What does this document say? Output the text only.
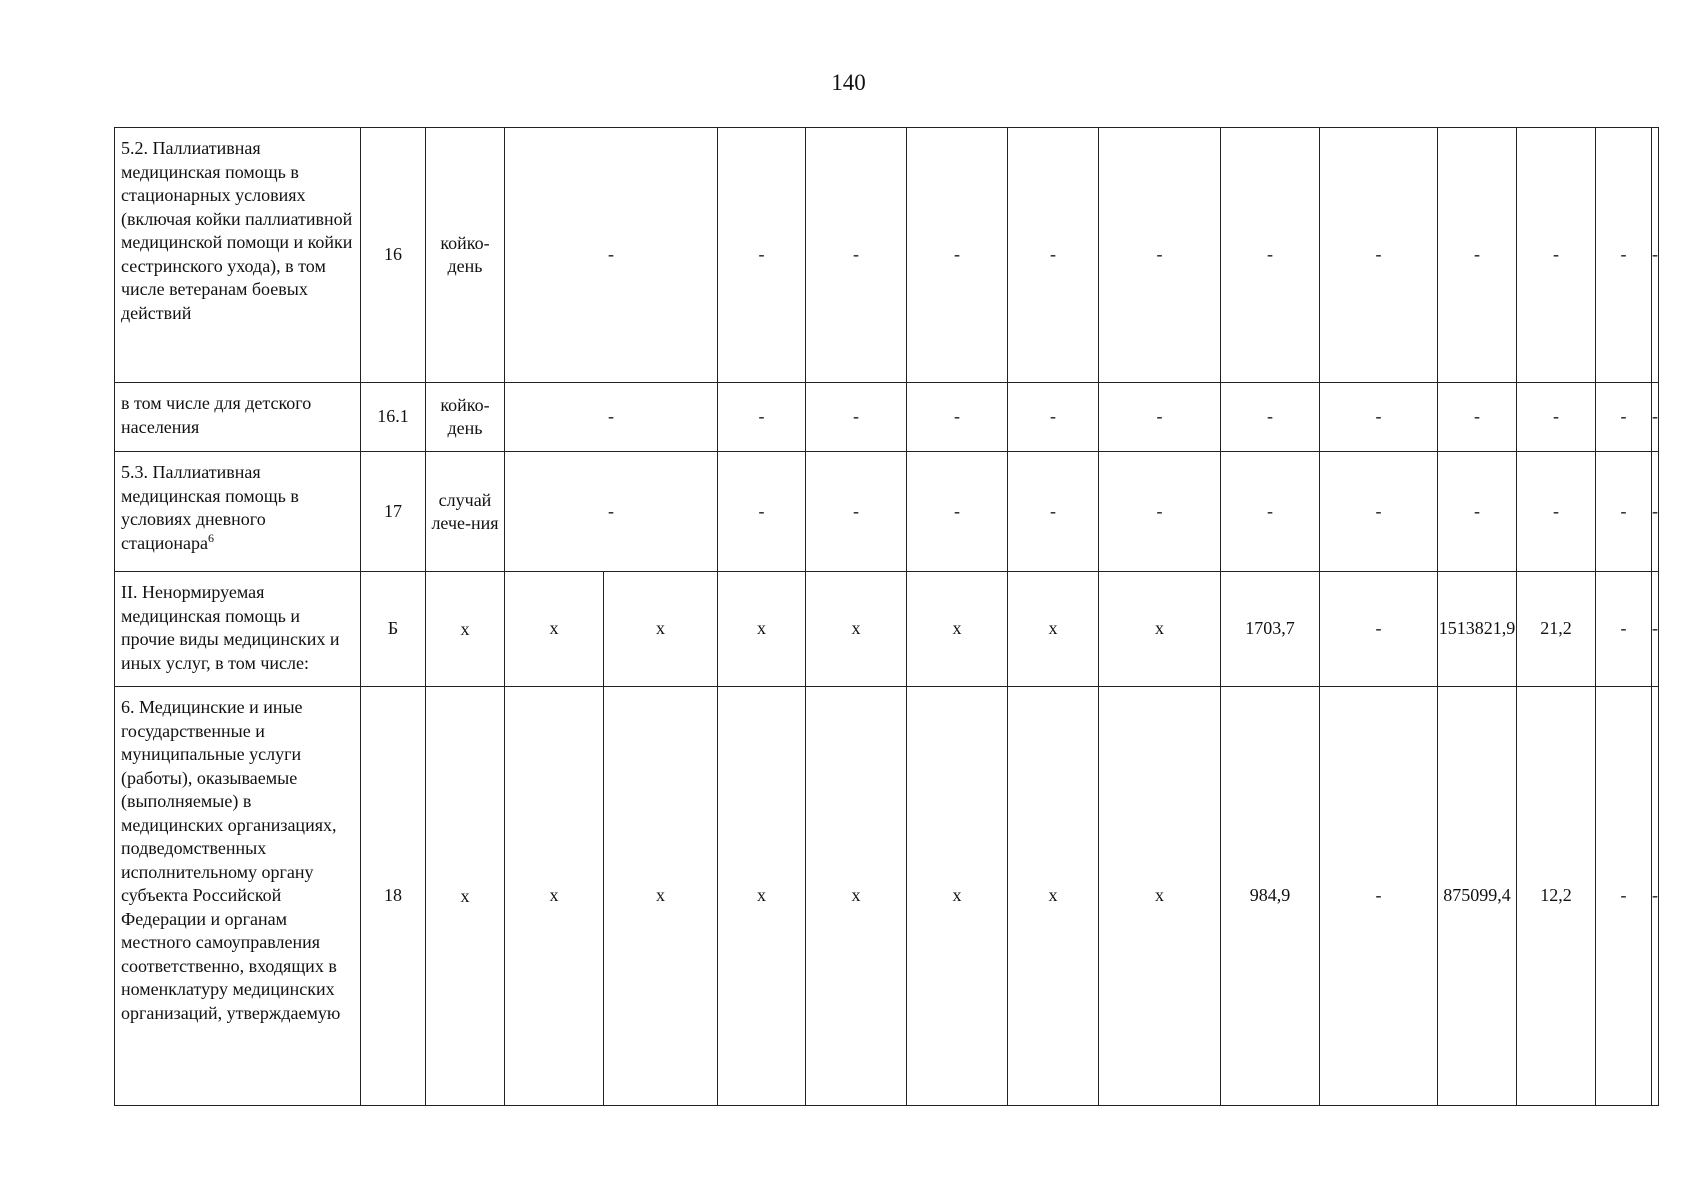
140
5.2. Паллиативная медицинская помощь в стационарных условиях (включая койки паллиативной медицинской помощи и койки сестринского ухода), в том числе ветеранам боевых действий	16	койко-день	-		-	-	-	-	-	-	-	-	-	-	-
в том числе для детского населения	16.1	койко-день	-		-	-	-	-	-	-	-	-	-	-	-
5.3. Паллиативная медицинская помощь в условиях дневного стационара$^6$	17	случай лече-ния	-		-	-	-	-	-	-	-	-	-	-	-
II. Ненормируемая медицинская помощь и прочие виды медицинских и иных услуг, в том числе:	Б	х	х	х	х	х	х	х	х	1703,7	-	1513821,9	21,2	-	-
6. Медицинские и иные государственные и муниципальные услуги (работы), оказываемые (выполняемые) в медицинских организациях, подведомственных исполнительному органу субъекта Российской Федерации и органам местного самоуправления соответственно, входящих в номенклатуру медицинских организаций, утверждаемую	18	х	х	х	х	х	х	х	х	984,9	-	875099,4	12,2	-	-
